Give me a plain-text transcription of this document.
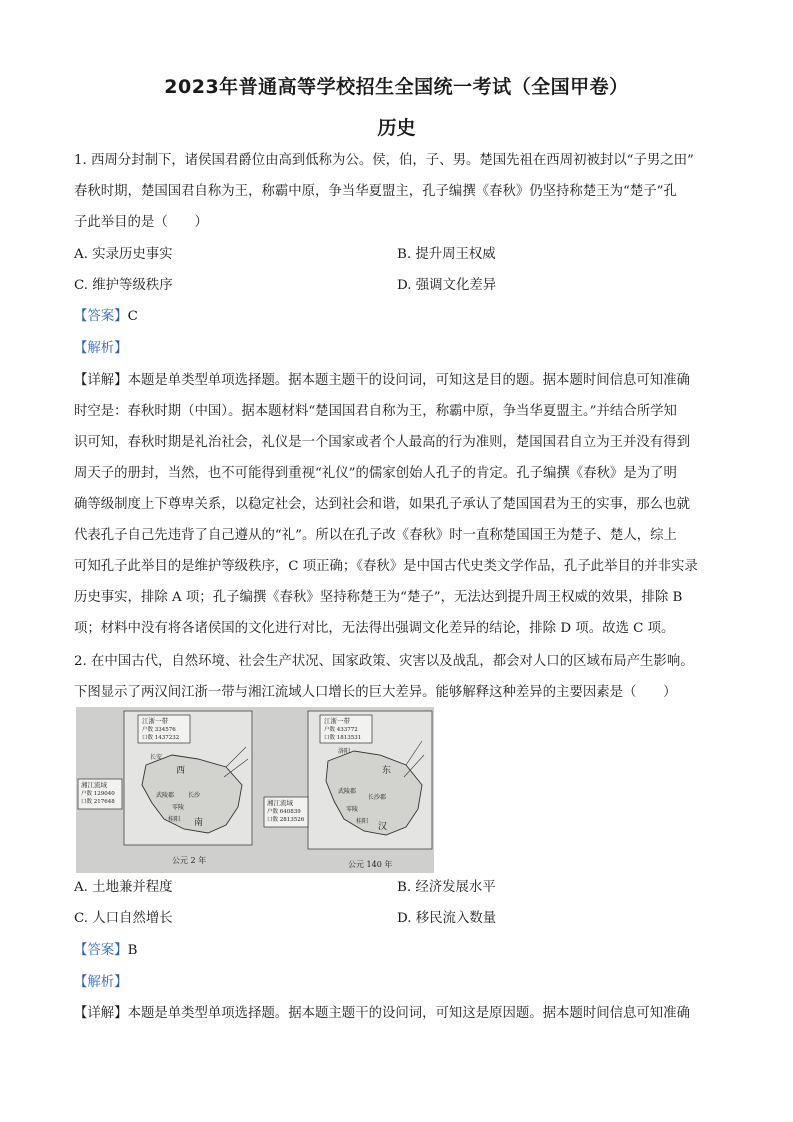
2023年普通高等学校招生全国统一考试（全国甲卷）
历史
1. 西周分封制下，诸侯国君爵位由高到低称为公。侯，伯，子、男。楚国先祖在西周初被封以“子男之田”
春秋时期，楚国国君自称为王，称霸中原，争当华夏盟主，孔子编撰《春秋》仍坚持称楚王为“楚子”孔
子此举目的是（　　）
A. 实录历史事实	B. 提升周王权威
C. 维护等级秩序	D. 强调文化差异
【答案】C
【解析】
【详解】本题是单类型单项选择题。据本题主题干的设问词，可知这是目的题。据本题时间信息可知准确
时空是：春秋时期（中国）。据本题材料“楚国国君自称为王，称霸中原，争当华夏盟主。”并结合所学知
识可知，春秋时期是礼治社会，礼仪是一个国家或者个人最高的行为准则，楚国国君自立为王并没有得到
周天子的册封，当然，也不可能得到重视“礼仪”的儒家创始人孔子的肯定。孔子编撰《春秋》是为了明
确等级制度上下尊卑关系，以稳定社会，达到社会和谐，如果孔子承认了楚国国君为王的实事，那么也就
代表孔子自己先违背了自己遵从的“礼”。所以在孔子改《春秋》时一直称楚国国王为楚子、楚人，综上
可知孔子此举目的是维护等级秩序，C 项正确；《春秋》是中国古代史类文学作品，孔子此举目的并非实录
历史事实，排除 A 项；孔子编撰《春秋》坚持称楚王为“楚子”，无法达到提升周王权威的效果，排除 B
项；材料中没有将各诸侯国的文化进行对比，无法得出强调文化差异的结论，排除 D 项。故选 C 项。
2. 在中国古代，自然环境、社会生产状况、国家政策、灾害以及战乱，都会对人口的区域布局产生影响。
下图显示了两汉间江浙一带与湘江流域人口增长的巨大差异。能够解释这种差异的主要因素是（　　）
江浙一带
户数 334576
口数 1437232
湘江流域
户数 129040
口数 217648
长安
西
长沙
零陵
武陵郡
桂阳 南
公元 2 年
江浙一带
户数 433772
口数 1813531
湘江流域
户数 640839
口数 2813526
洛阳
东
长沙郡
武陵郡
零陵
桂阳
汉
公元 140 年
A. 土地兼并程度	B. 经济发展水平
C. 人口自然增长	D. 移民流入数量
【答案】B
【解析】
【详解】本题是单类型单项选择题。据本题主题干的设问词，可知这是原因题。据本题时间信息可知准确
